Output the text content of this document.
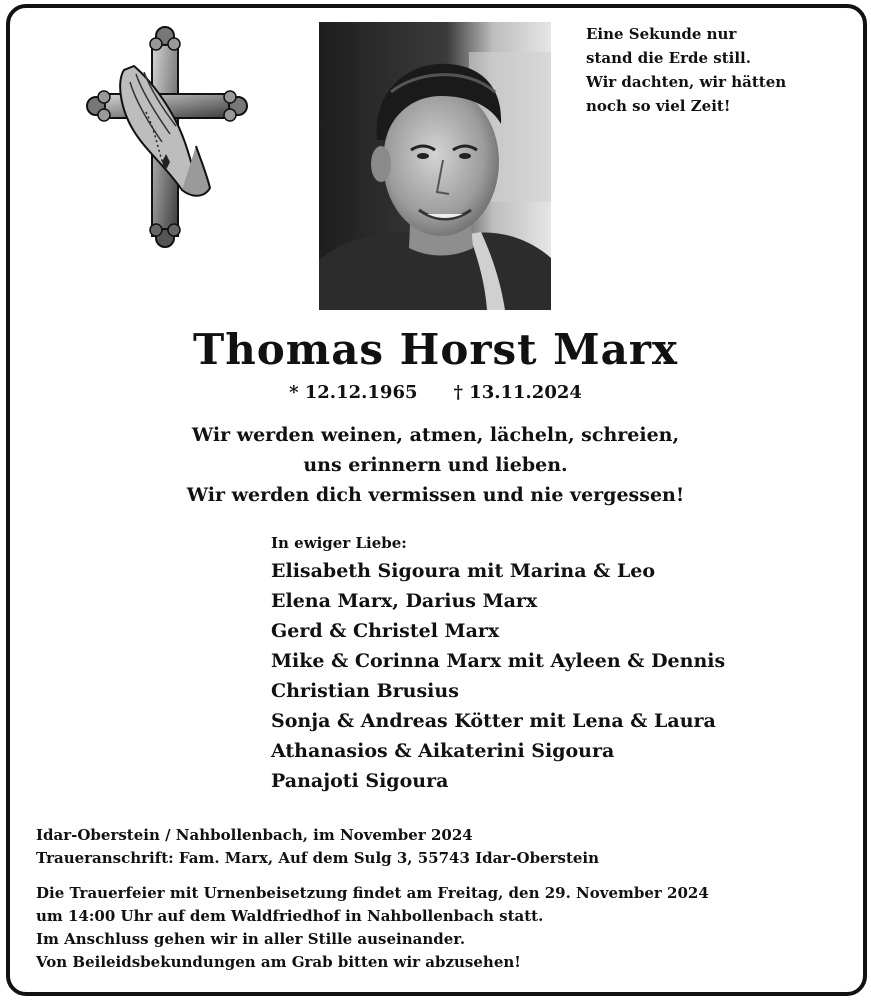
Eine Sekunde nur
stand die Erde still.
Wir dachten, wir hätten
noch so viel Zeit!
Thomas Horst Marx
* 12.12.1965 † 13.11.2024
Wir werden weinen, atmen, lächeln, schreien,
uns erinnern und lieben.
Wir werden dich vermissen und nie vergessen!
In ewiger Liebe:
Elisabeth Sigoura mit Marina & Leo
Elena Marx, Darius Marx
Gerd & Christel Marx
Mike & Corinna Marx mit Ayleen & Dennis
Christian Brusius
Sonja & Andreas Kötter mit Lena & Laura
Athanasios & Aikaterini Sigoura
Panajoti Sigoura
Idar-Oberstein / Nahbollenbach, im November 2024
Traueranschrift: Fam. Marx, Auf dem Sulg 3, 55743 Idar-Oberstein
Die Trauerfeier mit Urnenbeisetzung findet am Freitag, den 29. November 2024
um 14:00 Uhr auf dem Waldfriedhof in Nahbollenbach statt.
Im Anschluss gehen wir in aller Stille auseinander.
Von Beileidsbekundungen am Grab bitten wir abzusehen!
